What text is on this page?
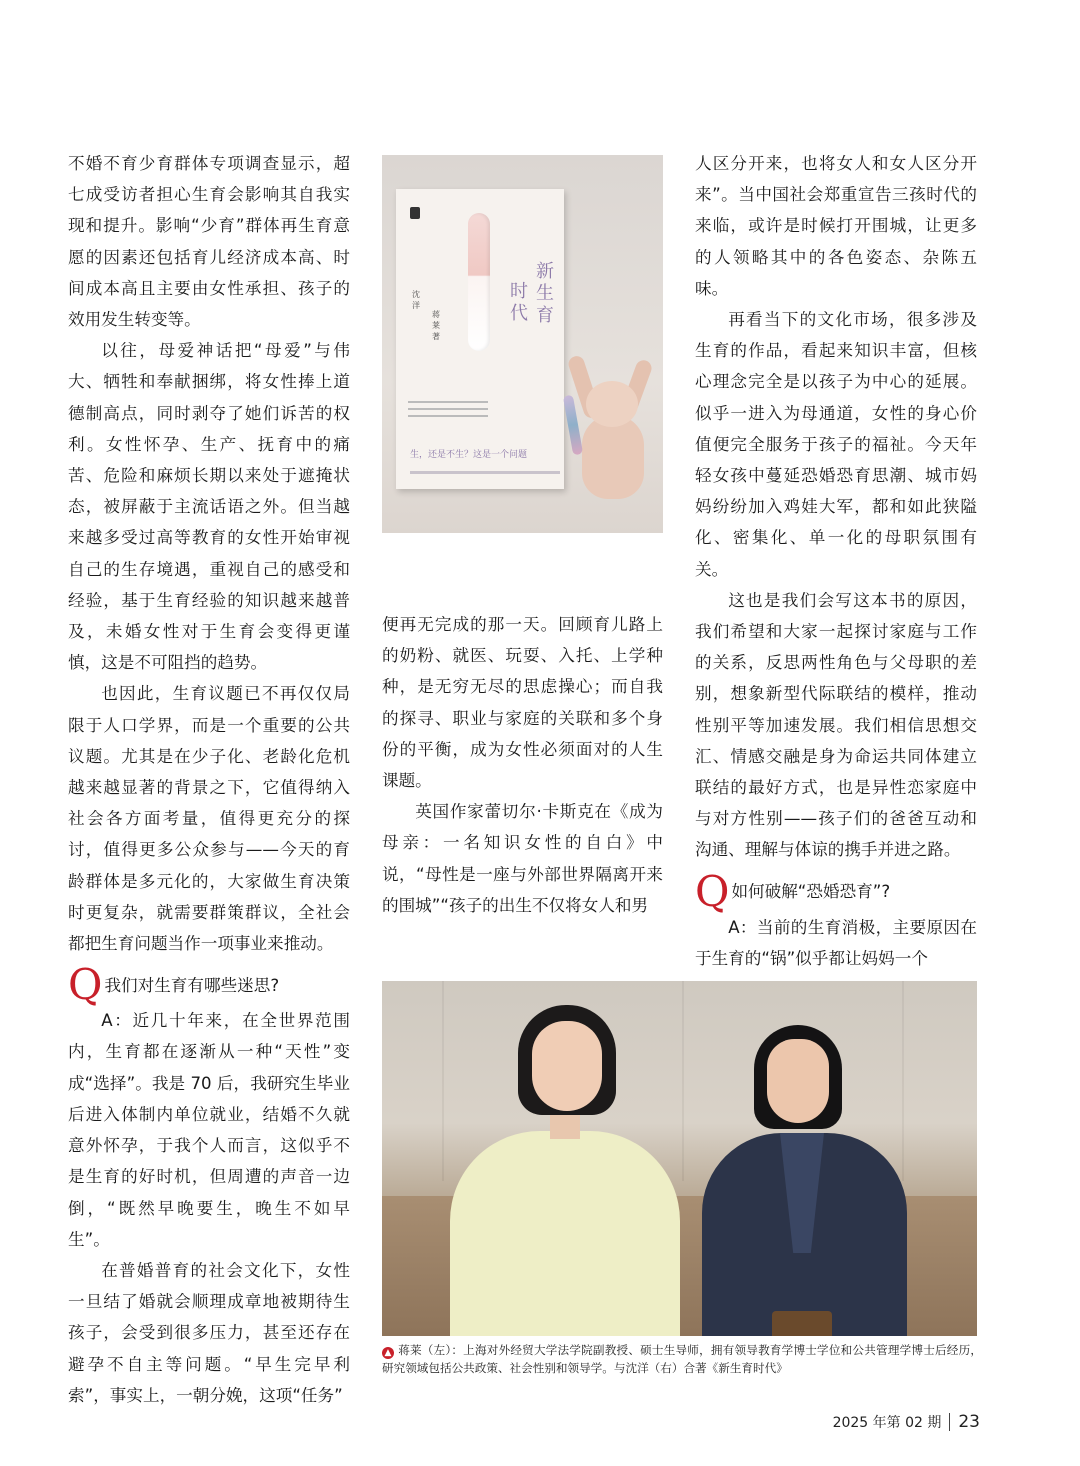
不婚不育少育群体专项调查显示，超七成受访者担心生育会影响其自我实现和提升。影响“少育”群体再生育意愿的因素还包括育儿经济成本高、时间成本高且主要由女性承担、孩子的效用发生转变等。

以往，母爱神话把“母爱”与伟大、牺牲和奉献捆绑，将女性捧上道德制高点，同时剥夺了她们诉苦的权利。女性怀孕、生产、抚育中的痛苦、危险和麻烦长期以来处于遮掩状态，被屏蔽于主流话语之外。但当越来越多受过高等教育的女性开始审视自己的生存境遇，重视自己的感受和经验，基于生育经验的知识越来越普及，未婚女性对于生育会变得更谨慎，这是不可阻挡的趋势。

也因此，生育议题已不再仅仅局限于人口学界，而是一个重要的公共议题。尤其是在少子化、老龄化危机越来越显著的背景之下，它值得纳入社会各方面考量，值得更充分的探讨，值得更多公众参与——今天的育龄群体是多元化的，大家做生育决策时更复杂，就需要群策群议，全社会都把生育问题当作一项事业来推动。

Q 我们对生育有哪些迷思?

A：近几十年来，在全世界范围内，生育都在逐渐从一种“天性”变成“选择”。我是 70 后，我研究生毕业后进入体制内单位就业，结婚不久就意外怀孕，于我个人而言，这似乎不是生育的好时机，但周遭的声音一边倒，“既然早晚要生，晚生不如早生”。

在普婚普育的社会文化下，女性一旦结了婚就会顺理成章地被期待生孩子，会受到很多压力，甚至还存在避孕不自主等问题。“早生完早利索”，事实上，一朝分娩，这项“任务”

新生育
时代
沈洋
蒋莱著
生，还是不生？这是一个问题

便再无完成的那一天。回顾育儿路上的奶粉、就医、玩耍、入托、上学种种，是无穷无尽的思虑操心；而自我的探寻、职业与家庭的关联和多个身份的平衡，成为女性必须面对的人生课题。

英国作家蕾切尔·卡斯克在《成为母亲：一名知识女性的自白》中说，“母性是一座与外部世界隔离开来的围城”“孩子的出生不仅将女人和男

人区分开来，也将女人和女人区分开来”。当中国社会郑重宣告三孩时代的来临，或许是时候打开围城，让更多的人领略其中的各色姿态、杂陈五味。

再看当下的文化市场，很多涉及生育的作品，看起来知识丰富，但核心理念完全是以孩子为中心的延展。似乎一进入为母通道，女性的身心价值便完全服务于孩子的福祉。今天年轻女孩中蔓延恐婚恐育思潮、城市妈妈纷纷加入鸡娃大军，都和如此狭隘化、密集化、单一化的母职氛围有关。

这也是我们会写这本书的原因，我们希望和大家一起探讨家庭与工作的关系，反思两性角色与父母职的差别，想象新型代际联结的模样，推动性别平等加速发展。我们相信思想交汇、情感交融是身为命运共同体建立联结的最好方式，也是异性恋家庭中与对方性别——孩子们的爸爸互动和沟通、理解与体谅的携手并进之路。

Q 如何破解“恐婚恐育”?

A：当前的生育消极，主要原因在于生育的“锅”似乎都让妈妈一个

▲ 蒋莱（左）：上海对外经贸大学法学院副教授、硕士生导师，拥有领导教育学博士学位和公共管理学博士后经历，研究领域包括公共政策、社会性别和领导学。与沈洋（右）合著《新生育时代》
2025 年第 02 期 23
